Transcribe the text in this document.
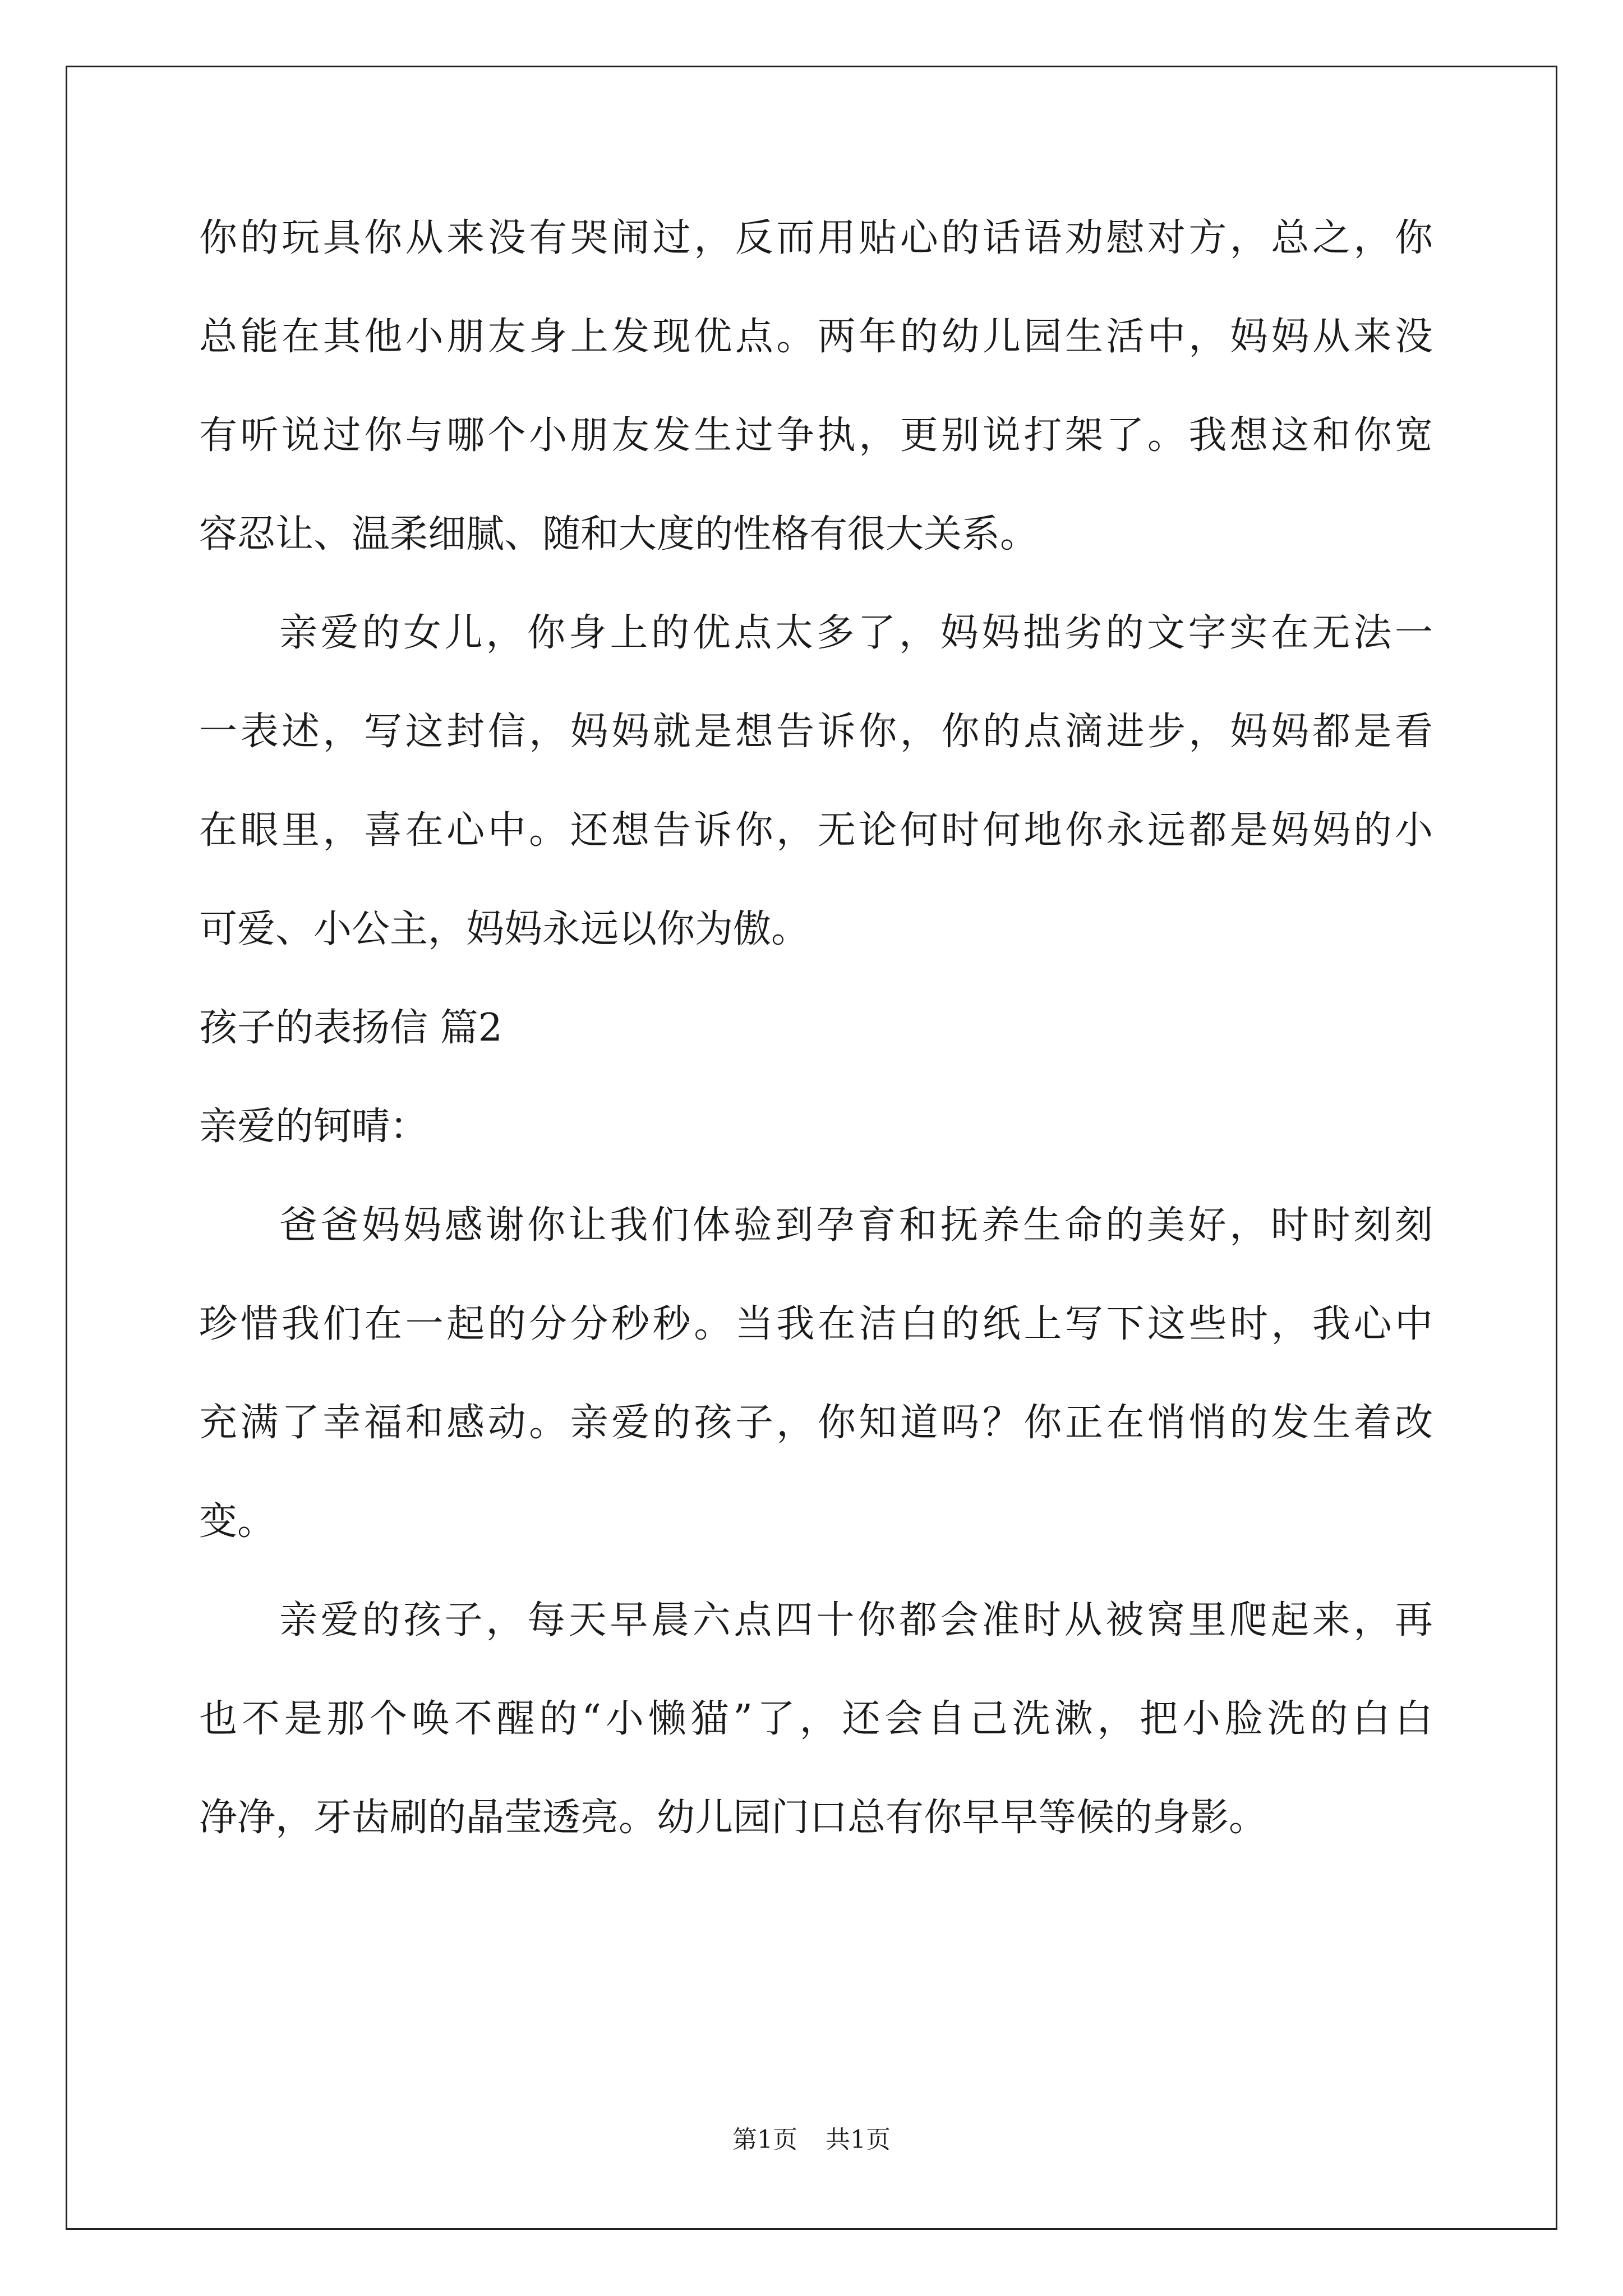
你的玩具你从来没有哭闹过，反而用贴心的话语劝慰对方，总之，你
总能在其他小朋友身上发现优点。两年的幼儿园生活中，妈妈从来没
有听说过你与哪个小朋友发生过争执，更别说打架了。我想这和你宽
容忍让、温柔细腻、随和大度的性格有很大关系。
亲爱的女儿，你身上的优点太多了，妈妈拙劣的文字实在无法一
一表述，写这封信，妈妈就是想告诉你，你的点滴进步，妈妈都是看
在眼里，喜在心中。还想告诉你，无论何时何地你永远都是妈妈的小
可爱、小公主，妈妈永远以你为傲。
孩子的表扬信 篇2
亲爱的钶晴：
爸爸妈妈感谢你让我们体验到孕育和抚养生命的美好，时时刻刻
珍惜我们在一起的分分秒秒。当我在洁白的纸上写下这些时，我心中
充满了幸福和感动。亲爱的孩子，你知道吗？你正在悄悄的发生着改
变。
亲爱的孩子，每天早晨六点四十你都会准时从被窝里爬起来，再
也不是那个唤不醒的“小懒猫”了，还会自己洗漱，把小脸洗的白白
净净，牙齿刷的晶莹透亮。幼儿园门口总有你早早等候的身影。
第1页 共1页
